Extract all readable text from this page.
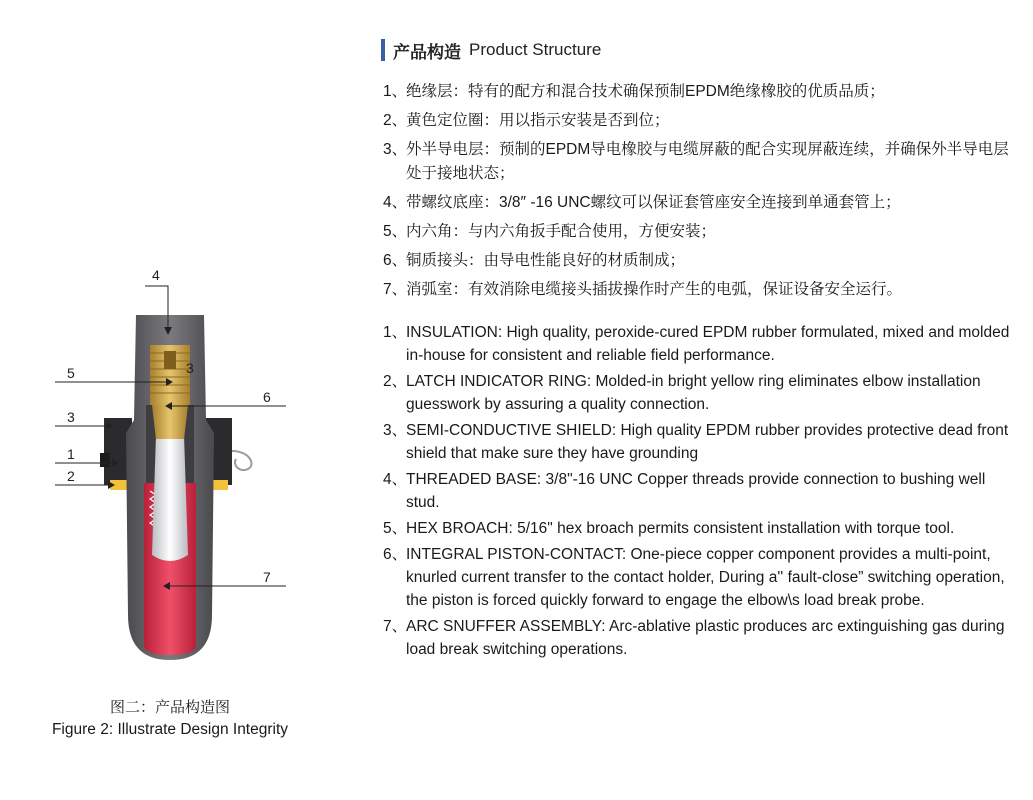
产品构造 Product Structure
1、
绝缘层：特有的配方和混合技术确保预制EPDM绝缘橡胶的优质品质；
2、
黄色定位圈：用以指示安装是否到位；
3、
外半导电层：预制的EPDM导电橡胶与电缆屏蔽的配合实现屏蔽连续，并确保外半导电层处于接地状态；
4、
带螺纹底座：3/8″ -16 UNC螺纹可以保证套管座安全连接到单通套管上；
5、
内六角：与内六角扳手配合使用，方便安装；
6、
铜质接头：由导电性能良好的材质制成；
7、
消弧室：有效消除电缆接头插拔操作时产生的电弧，保证设备安全运行。
1、
INSULATION: High quality, peroxide-cured EPDM rubber formulated, mixed and molded in-house for consistent and reliable field performance.
2、
LATCH INDICATOR RING: Molded-in bright yellow ring eliminates elbow installation guesswork by assuring a quality connection.
3、
SEMI-CONDUCTIVE SHIELD: High quality EPDM rubber provides protective dead front shield that make sure they have grounding
4、
THREADED BASE: 3/8"-16 UNC Copper threads provide connection to bushing well stud.
5、
HEX BROACH: 5/16" hex broach permits consistent installation with torque tool.
6、
INTEGRAL PISTON-CONTACT: One-piece copper component provides a multi-point, knurled current transfer to the contact holder, During a'' fault-close” switching operation, the piston is forced quickly forward to engage the elbow\s load break probe.
7、
ARC SNUFFER ASSEMBLY: Arc-ablative plastic produces arc extinguishing gas during load break switching operations.
4
5	3
6
3
1
2
7
图二：产品构造图
Figure 2: Illustrate Design Integrity
